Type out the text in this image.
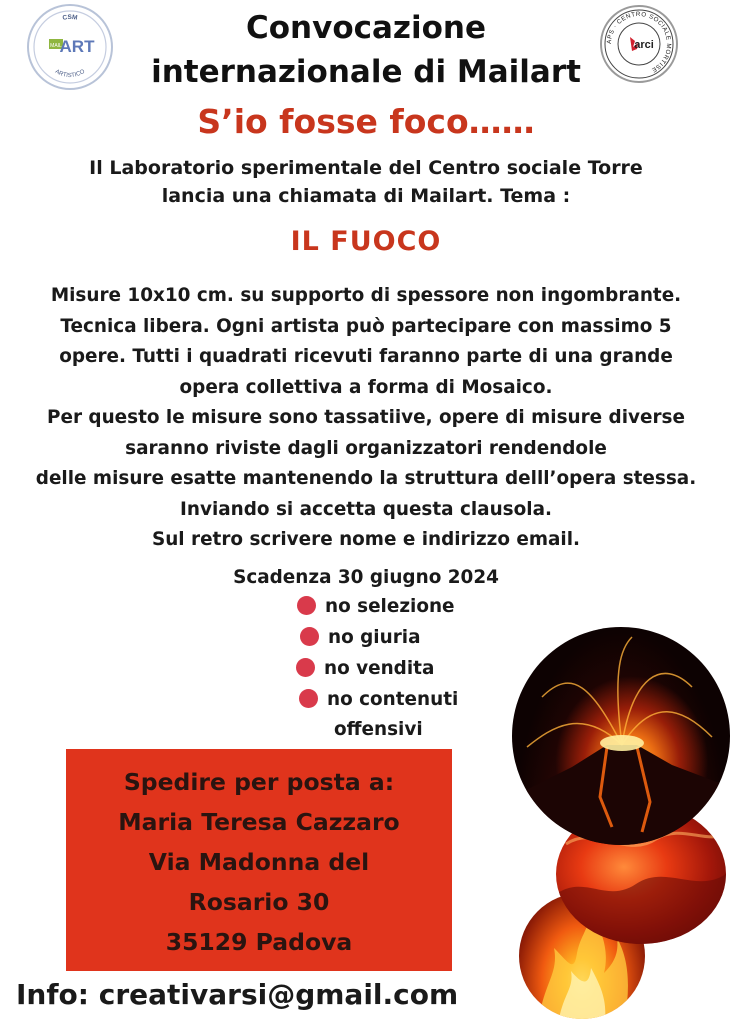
CSM
ARTISTICO
MAIL
ART	APS · CENTRO SOCIALE MORTISE
arci
Convocazione
internazionale di Mailart
S’io fosse foco……
Il Laboratorio sperimentale del Centro sociale Torre
lancia una chiamata di Mailart. Tema :
IL FUOCO
Misure 10x10 cm. su supporto di spessore non ingombrante.
Tecnica libera. Ogni artista può partecipare con massimo 5
opere. Tutti i quadrati ricevuti faranno parte di una grande
opera collettiva a forma di Mosaico.
Per questo le misure sono tassatiive, opere di misure diverse
saranno riviste dagli organizzatori rendendole
delle misure esatte mantenendo la struttura delll’opera stessa.
Inviando si accetta questa clausola.
Sul retro scrivere nome e indirizzo email.
Scadenza 30 giugno 2024
no selezione
no giuria
no vendita
no contenuti
offensivi
Spedire per posta a:
Maria Teresa Cazzaro
Via Madonna del
Rosario 30
35129 Padova
Info: creativarsi@gmail.com
